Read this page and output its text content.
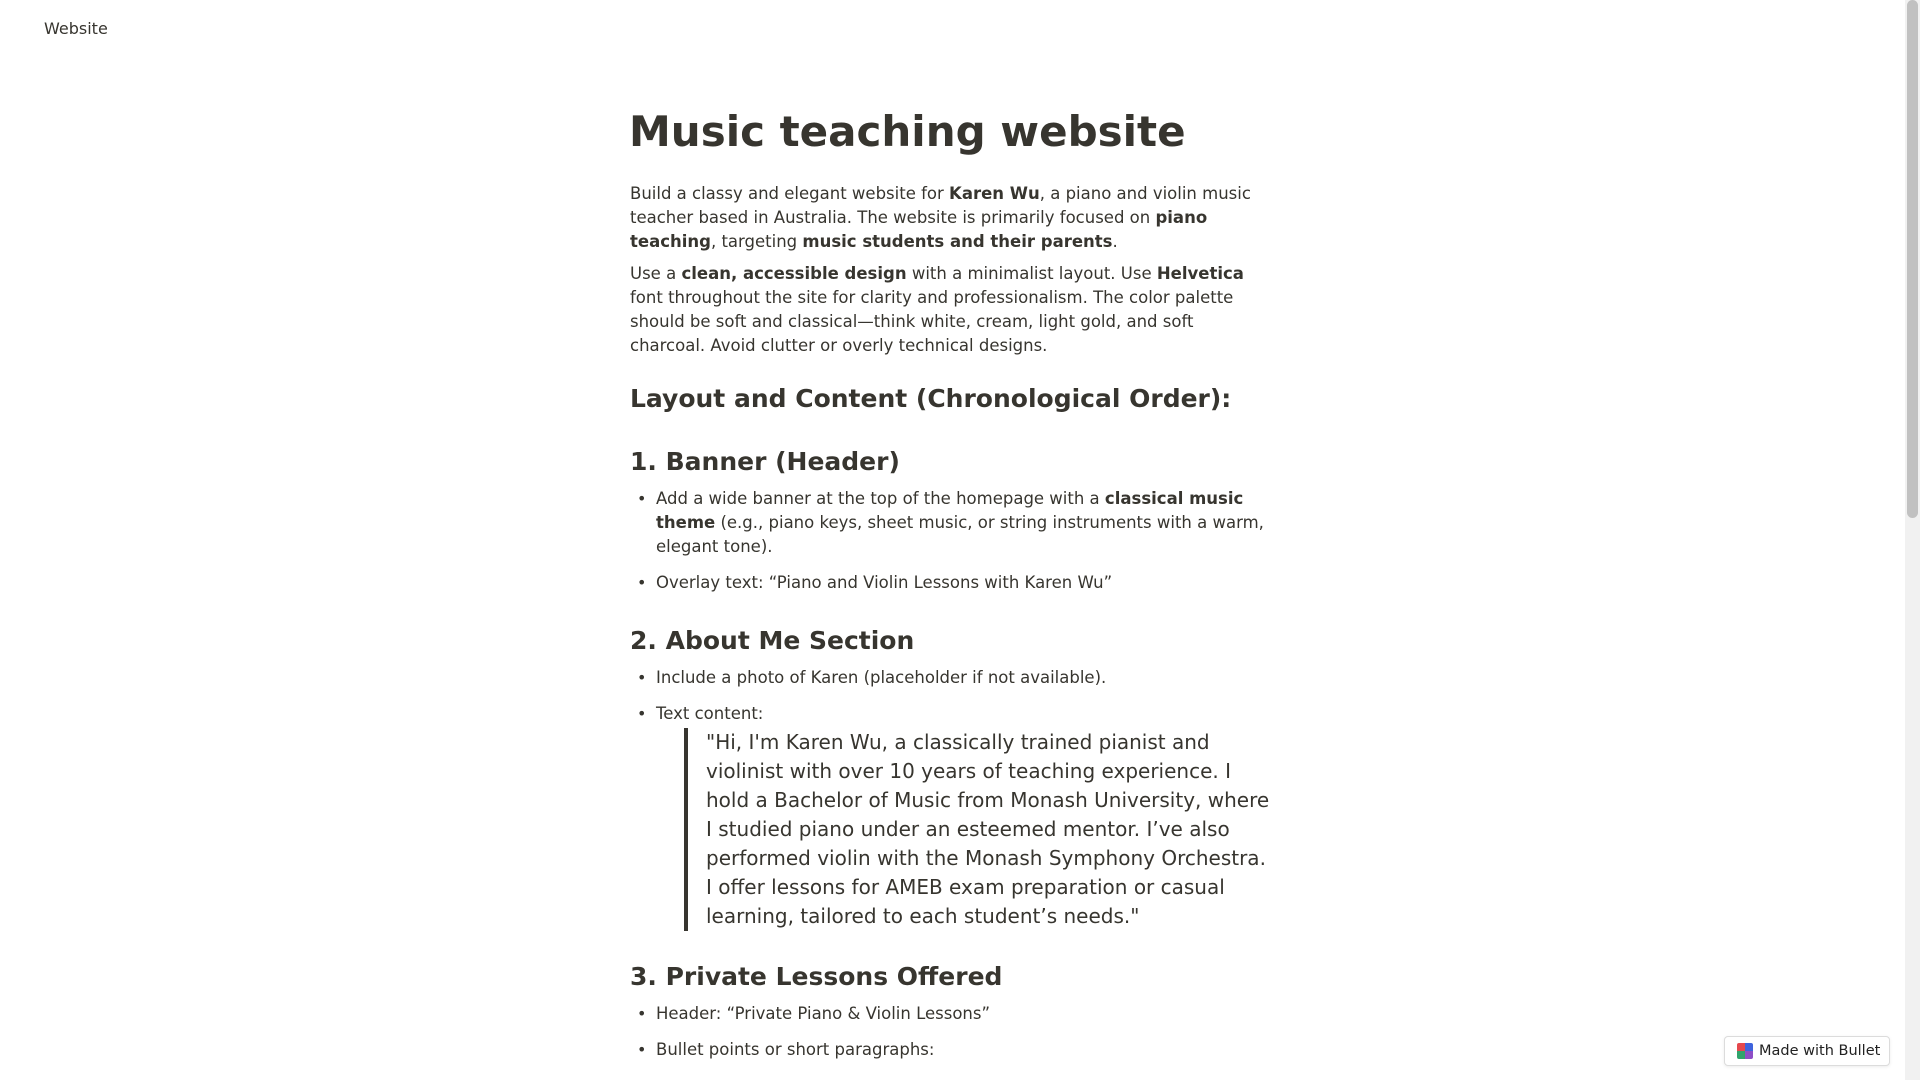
Website
Music teaching website

Build a classy and elegant website for Karen Wu, a piano and violin music teacher based in Australia. The website is primarily focused on piano teaching, targeting music students and their parents.

Use a clean, accessible design with a minimalist layout. Use Helvetica font throughout the site for clarity and professionalism. The color palette should be soft and classical—think white, cream, light gold, and soft charcoal. Avoid clutter or overly technical designs.

Layout and Content (Chronological Order):
1. Banner (Header)
• Add a wide banner at the top of the homepage with a classical music theme (e.g., piano keys, sheet music, or string instruments with a warm, elegant tone).
• Overlay text: “Piano and Violin Lessons with Karen Wu”
2. About Me Section
• Include a photo of Karen (placeholder if not available).
• Text content:
"Hi, I'm Karen Wu, a classically trained pianist and violinist with over 10 years of teaching experience. I hold a Bachelor of Music from Monash University, where I studied piano under an esteemed mentor. I’ve also performed violin with the Monash Symphony Orchestra. I offer lessons for AMEB exam preparation or casual learning, tailored to each student’s needs."
3. Private Lessons Offered
• Header: “Private Piano & Violin Lessons”
• Bullet points or short paragraphs:	Made with Bullet
